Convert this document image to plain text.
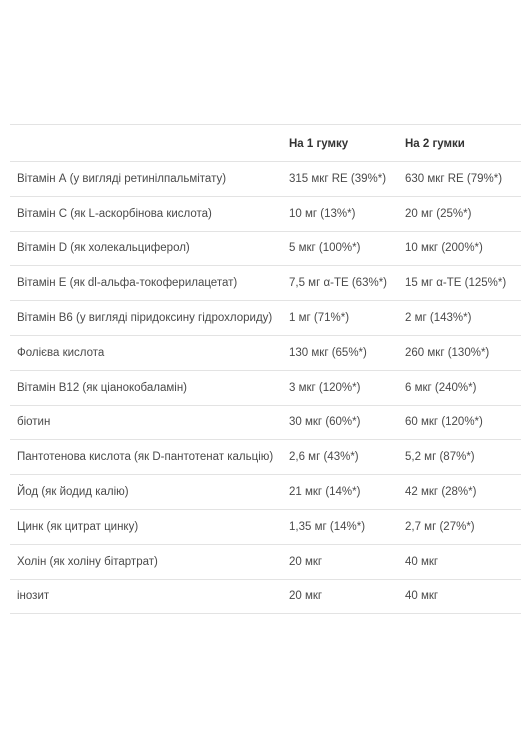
	На 1 гумку	На 2 гумки
Вітамін А (у вигляді ретинілпальмітату)	315 мкг RE (39%*)	630 мкг RE (79%*)
Вітамін С (як L-аскорбінова кислота)	10 мг (13%*)	20 мг (25%*)
Вітамін D (як холекальциферол)	5 мкг (100%*)	10 мкг (200%*)
Вітамін Е (як dl-альфа-токоферилацетат)	7,5 мг α-TE (63%*)	15 мг α-TE (125%*)
Вітамін В6 (у вигляді піридоксину гідрохлориду)	1 мг (71%*)	2 мг (143%*)
Фолієва кислота	130 мкг (65%*)	260 мкг (130%*)
Вітамін В12 (як ціанокобаламін)	3 мкг (120%*)	6 мкг (240%*)
біотин	30 мкг (60%*)	60 мкг (120%*)
Пантотенова кислота (як D-пантотенат кальцію)	2,6 мг (43%*)	5,2 мг (87%*)
Йод (як йодид калію)	21 мкг (14%*)	42 мкг (28%*)
Цинк (як цитрат цинку)	1,35 мг (14%*)	2,7 мг (27%*)
Холін (як холіну бітартрат)	20 мкг	40 мкг
інозит	20 мкг	40 мкг
